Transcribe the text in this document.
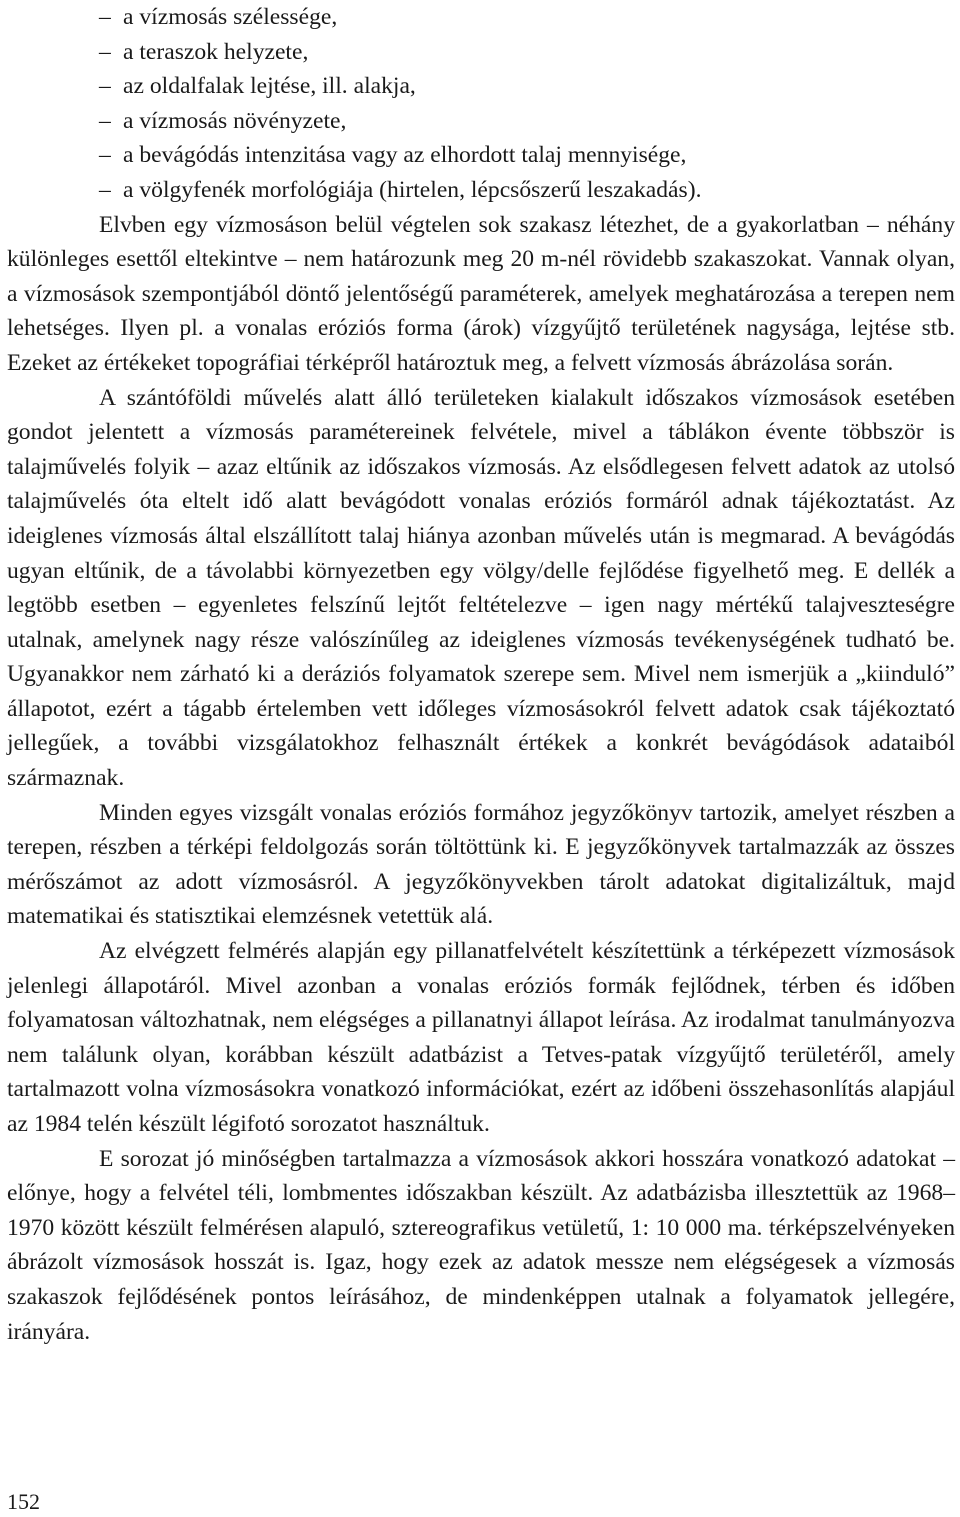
– a vízmosás szélessége,
– a teraszok helyzete,
– az oldalfalak lejtése, ill. alakja,
– a vízmosás növényzete,
– a bevágódás intenzitása vagy az elhordott talaj mennyisége,
– a völgyfenék morfológiája (hirtelen, lépcsőszerű leszakadás).

Elvben egy vízmosáson belül végtelen sok szakasz létezhet, de a gyakorlatban – néhány különleges esettől eltekintve – nem határozunk meg 20 m-nél rövidebb szakaszokat. Vannak olyan, a vízmosások szempontjából döntő jelentőségű paraméterek, amelyek meghatározása a terepen nem lehetséges. Ilyen pl. a vonalas eróziós forma (árok) vízgyűjtő területének nagysága, lejtése stb. Ezeket az értékeket topográfiai térképről határoztuk meg, a felvett vízmosás ábrázolása során.

A szántóföldi művelés alatt álló területeken kialakult időszakos vízmosások esetében gondot jelentett a vízmosás paramétereinek felvétele, mivel a táblákon évente többször is talajművelés folyik – azaz eltűnik az időszakos vízmosás. Az elsődlegesen felvett adatok az utolsó talajművelés óta eltelt idő alatt bevágódott vonalas eróziós formáról adnak tájékoztatást. Az ideiglenes vízmosás által elszállított talaj hiánya azonban művelés után is megmarad. A bevágódás ugyan eltűnik, de a távolabbi környezetben egy völgy/delle fejlődése figyelhető meg. E dellék a legtöbb esetben – egyenletes felszínű lejtőt feltételezve – igen nagy mértékű talajveszteségre utalnak, amelynek nagy része valószínűleg az ideiglenes vízmosás tevékenységének tudható be. Ugyanakkor nem zárható ki a deráziós folyamatok szerepe sem. Mivel nem ismerjük a „kiinduló” állapotot, ezért a tágabb értelemben vett időleges vízmosásokról felvett adatok csak tájékoztató jellegűek, a további vizsgálatokhoz felhasznált értékek a konkrét bevágódások adataiból származnak.

Minden egyes vizsgált vonalas eróziós formához jegyzőkönyv tartozik, amelyet részben a terepen, részben a térképi feldolgozás során töltöttünk ki. E jegyzőkönyvek tartalmazzák az összes mérőszámot az adott vízmosásról. A jegyzőkönyvekben tárolt adatokat digitalizáltuk, majd matematikai és statisztikai elemzésnek vetettük alá.

Az elvégzett felmérés alapján egy pillanatfelvételt készítettünk a térképezett vízmosások jelenlegi állapotáról. Mivel azonban a vonalas eróziós formák fejlődnek, térben és időben folyamatosan változhatnak, nem elégséges a pillanatnyi állapot leírása. Az irodalmat tanulmányozva nem találunk olyan, korábban készült adatbázist a Tetves-patak vízgyűjtő területéről, amely tartalmazott volna vízmosásokra vonatkozó információkat, ezért az időbeni összehasonlítás alapjául az 1984 telén készült légifotó sorozatot használtuk.

E sorozat jó minőségben tartalmazza a vízmosások akkori hosszára vonatkozó adatokat – előnye, hogy a felvétel téli, lombmentes időszakban készült. Az adatbázisba illesztettük az 1968–1970 között készült felmérésen alapuló, sztereografikus vetületű, 1: 10 000 ma. térképszelvényeken ábrázolt vízmosások hosszát is. Igaz, hogy ezek az adatok messze nem elégségesek a vízmosás szakaszok fejlődésének pontos leírásához, de mindenképpen utalnak a folyamatok jellegére, irányára.

152
